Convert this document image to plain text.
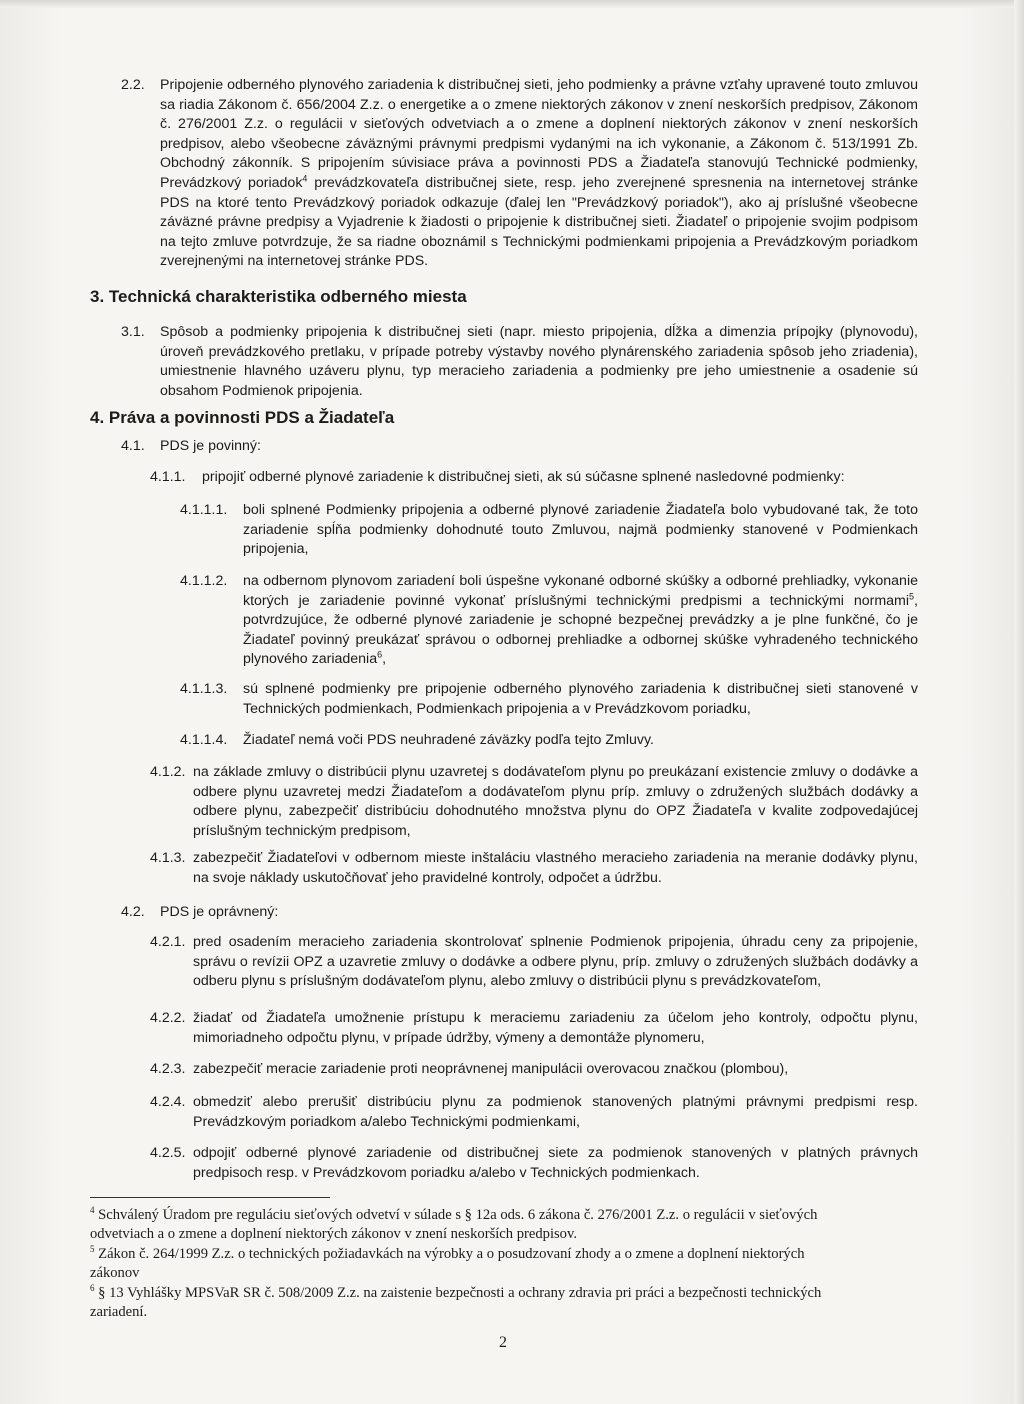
2.2. Pripojenie odberného plynového zariadenia k distribučnej sieti, jeho podmienky a právne vzťahy upravené touto zmluvou sa riadia Zákonom č. 656/2004 Z.z. o energetike a o zmene niektorých zákonov v znení neskorších predpisov, Zákonom č. 276/2001 Z.z. o regulácii v sieťových odvetviach a o zmene a doplnení niektorých zákonov v znení neskorších predpisov, alebo všeobecne záväznými právnymi predpismi vydanými na ich vykonanie, a Zákonom č. 513/1991 Zb. Obchodný zákonník. S pripojením súvisiace práva a povinnosti PDS a Žiadateľa stanovujú Technické podmienky, Prevádzkový poriadok$^4$ prevádzkovateľa distribučnej siete, resp. jeho zverejnené spresnenia na internetovej stránke PDS na ktoré tento Prevádzkový poriadok odkazuje (ďalej len "Prevádzkový poriadok"), ako aj príslušné všeobecne záväzné právne predpisy a Vyjadrenie k žiadosti o pripojenie k distribučnej sieti. Žiadateľ o pripojenie svojim podpisom na tejto zmluve potvrdzuje, že sa riadne oboznámil s Technickými podmienkami pripojenia a Prevádzkovým poriadkom zverejnenými na internetovej stránke PDS.
3. Technická charakteristika odberného miesta
3.1. Spôsob a podmienky pripojenia k distribučnej sieti (napr. miesto pripojenia, dĺžka a dimenzia prípojky (plynovodu), úroveň prevádzkového pretlaku, v prípade potreby výstavby nového plynárenského zariadenia spôsob jeho zriadenia), umiestnenie hlavného uzáveru plynu, typ meracieho zariadenia a podmienky pre jeho umiestnenie a osadenie sú obsahom Podmienok pripojenia.
4. Práva a povinnosti PDS a Žiadateľa
4.1. PDS je povinný:
4.1.1. pripojiť odberné plynové zariadenie k distribučnej sieti, ak sú súčasne splnené nasledovné podmienky:
4.1.1.1. boli splnené Podmienky pripojenia a odberné plynové zariadenie Žiadateľa bolo vybudované tak, že toto zariadenie spĺňa podmienky dohodnuté touto Zmluvou, najmä podmienky stanovené v Podmienkach pripojenia,
4.1.1.2. na odbernom plynovom zariadení boli úspešne vykonané odborné skúšky a odborné prehliadky, vykonanie ktorých je zariadenie povinné vykonať príslušnými technickými predpismi a technickými normami$^5$, potvrdzujúce, že odberné plynové zariadenie je schopné bezpečnej prevádzky a je plne funkčné, čo je Žiadateľ povinný preukázať správou o odbornej prehliadke a odbornej skúške vyhradeného technického plynového zariadenia$^6$,
4.1.1.3. sú splnené podmienky pre pripojenie odberného plynového zariadenia k distribučnej sieti stanovené v Technických podmienkach, Podmienkach pripojenia a v Prevádzkovom poriadku,
4.1.1.4. Žiadateľ nemá voči PDS neuhradené záväzky podľa tejto Zmluvy.
4.1.2. na základe zmluvy o distribúcii plynu uzavretej s dodávateľom plynu po preukázaní existencie zmluvy o dodávke a odbere plynu uzavretej medzi Žiadateľom a dodávateľom plynu príp. zmluvy o združených službách dodávky a odbere plynu, zabezpečiť distribúciu dohodnutého množstva plynu do OPZ Žiadateľa v kvalite zodpovedajúcej príslušným technickým predpisom,
4.1.3. zabezpečiť Žiadateľovi v odbernom mieste inštaláciu vlastného meracieho zariadenia na meranie dodávky plynu, na svoje náklady uskutočňovať jeho pravidelné kontroly, odpočet a údržbu.
4.2. PDS je oprávnený:
4.2.1. pred osadením meracieho zariadenia skontrolovať splnenie Podmienok pripojenia, úhradu ceny za pripojenie, správu o revízii OPZ a uzavretie zmluvy o dodávke a odbere plynu, príp. zmluvy o združených službách dodávky a odberu plynu s príslušným dodávateľom plynu, alebo zmluvy o distribúcii plynu s prevádzkovateľom,
4.2.2. žiadať od Žiadateľa umožnenie prístupu k meraciemu zariadeniu za účelom jeho kontroly, odpočtu plynu, mimoriadneho odpočtu plynu, v prípade údržby, výmeny a demontáže plynomeru,
4.2.3. zabezpečiť meracie zariadenie proti neoprávnenej manipulácii overovacou značkou (plombou),
4.2.4. obmedziť alebo prerušiť distribúciu plynu za podmienok stanovených platnými právnymi predpismi resp. Prevádzkovým poriadkom a/alebo Technickými podmienkami,
4.2.5. odpojiť odberné plynové zariadenie od distribučnej siete za podmienok stanovených v platných právnych predpisoch resp. v Prevádzkovom poriadku a/alebo v Technických podmienkach.
$^4$ Schválený Úradom pre reguláciu sieťových odvetví v súlade s § 12a ods. 6 zákona č. 276/2001 Z.z. o regulácii v sieťových odvetviach a o zmene a doplnení niektorých zákonov v znení neskorších predpisov.
$^5$ Zákon č. 264/1999 Z.z. o technických požiadavkách na výrobky a o posudzovaní zhody a o zmene a doplnení niektorých zákonov
$^6$ § 13 Vyhlášky MPSVaR SR č. 508/2009 Z.z. na zaistenie bezpečnosti a ochrany zdravia pri práci a bezpečnosti technických zariadení.
2
